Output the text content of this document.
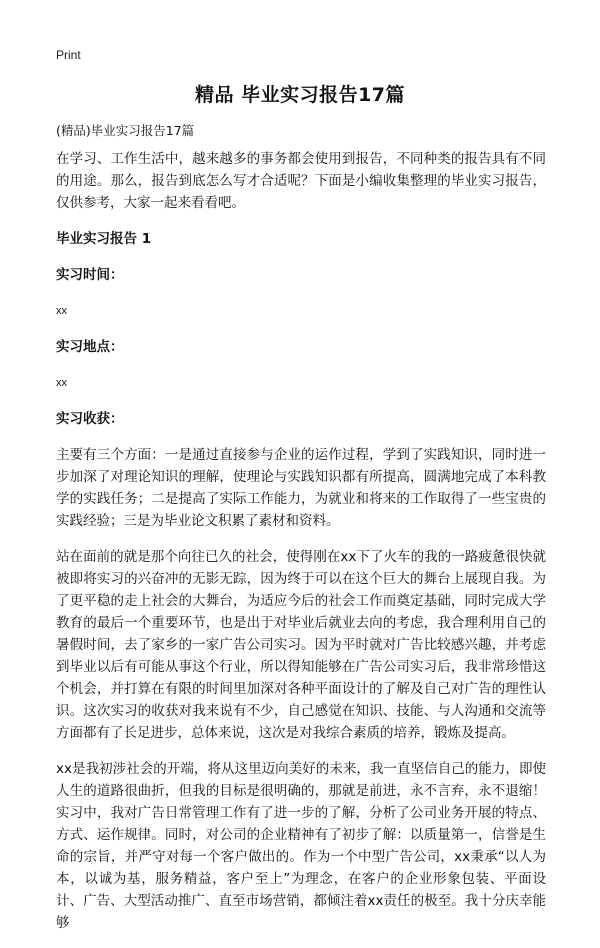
Print
精品 毕业实习报告17篇
(精品)毕业实习报告17篇

在学习、工作生活中，越来越多的事务都会使用到报告，不同种类的报告具有不同的用途。那么，报告到底怎么写才合适呢？下面是小编收集整理的毕业实习报告，仅供参考，大家一起来看看吧。

毕业实习报告 1

实习时间：

xx

实习地点：

xx

实习收获：

主要有三个方面：一是通过直接参与企业的运作过程，学到了实践知识，同时进一步加深了对理论知识的理解，使理论与实践知识都有所提高，圆满地完成了本科教学的实践任务；二是提高了实际工作能力，为就业和将来的工作取得了一些宝贵的实践经验；三是为毕业论文积累了素材和资料。

站在面前的就是那个向往已久的社会，使得刚在xx下了火车的我的一路疲惫很快就被即将实习的兴奋冲的无影无踪，因为终于可以在这个巨大的舞台上展现自我。为了更平稳的走上社会的大舞台，为适应今后的社会工作而奠定基础，同时完成大学教育的最后一个重要环节，也是出于对毕业后就业去向的考虑，我合理利用自己的暑假时间，去了家乡的一家广告公司实习。因为平时就对广告比较感兴趣，并考虑到毕业以后有可能从事这个行业，所以得知能够在广告公司实习后，我非常珍惜这个机会，并打算在有限的时间里加深对各种平面设计的了解及自己对广告的理性认识。这次实习的收获对我来说有不少，自己感觉在知识、技能、与人沟通和交流等方面都有了长足进步，总体来说，这次是对我综合素质的培养，锻炼及提高。

xx是我初涉社会的开端，将从这里迈向美好的未来，我一直坚信自己的能力，即使人生的道路很曲折，但我的目标是很明确的，那就是前进，永不言弃，永不退缩！实习中，我对广告日常管理工作有了进一步的了解，分析了公司业务开展的特点、方式、运作规律。同时，对公司的企业精神有了初步了解：以质量第一，信誉是生命的宗旨，并严守对每一个客户做出的。作为一个中型广告公司，xx秉承“以人为本，以诚为基，服务精益，客户至上”为理念，在客户的企业形象包装、平面设计、广告、大型活动推广、直至市场营销，都倾注着xx责任的极至。我十分庆幸能够
